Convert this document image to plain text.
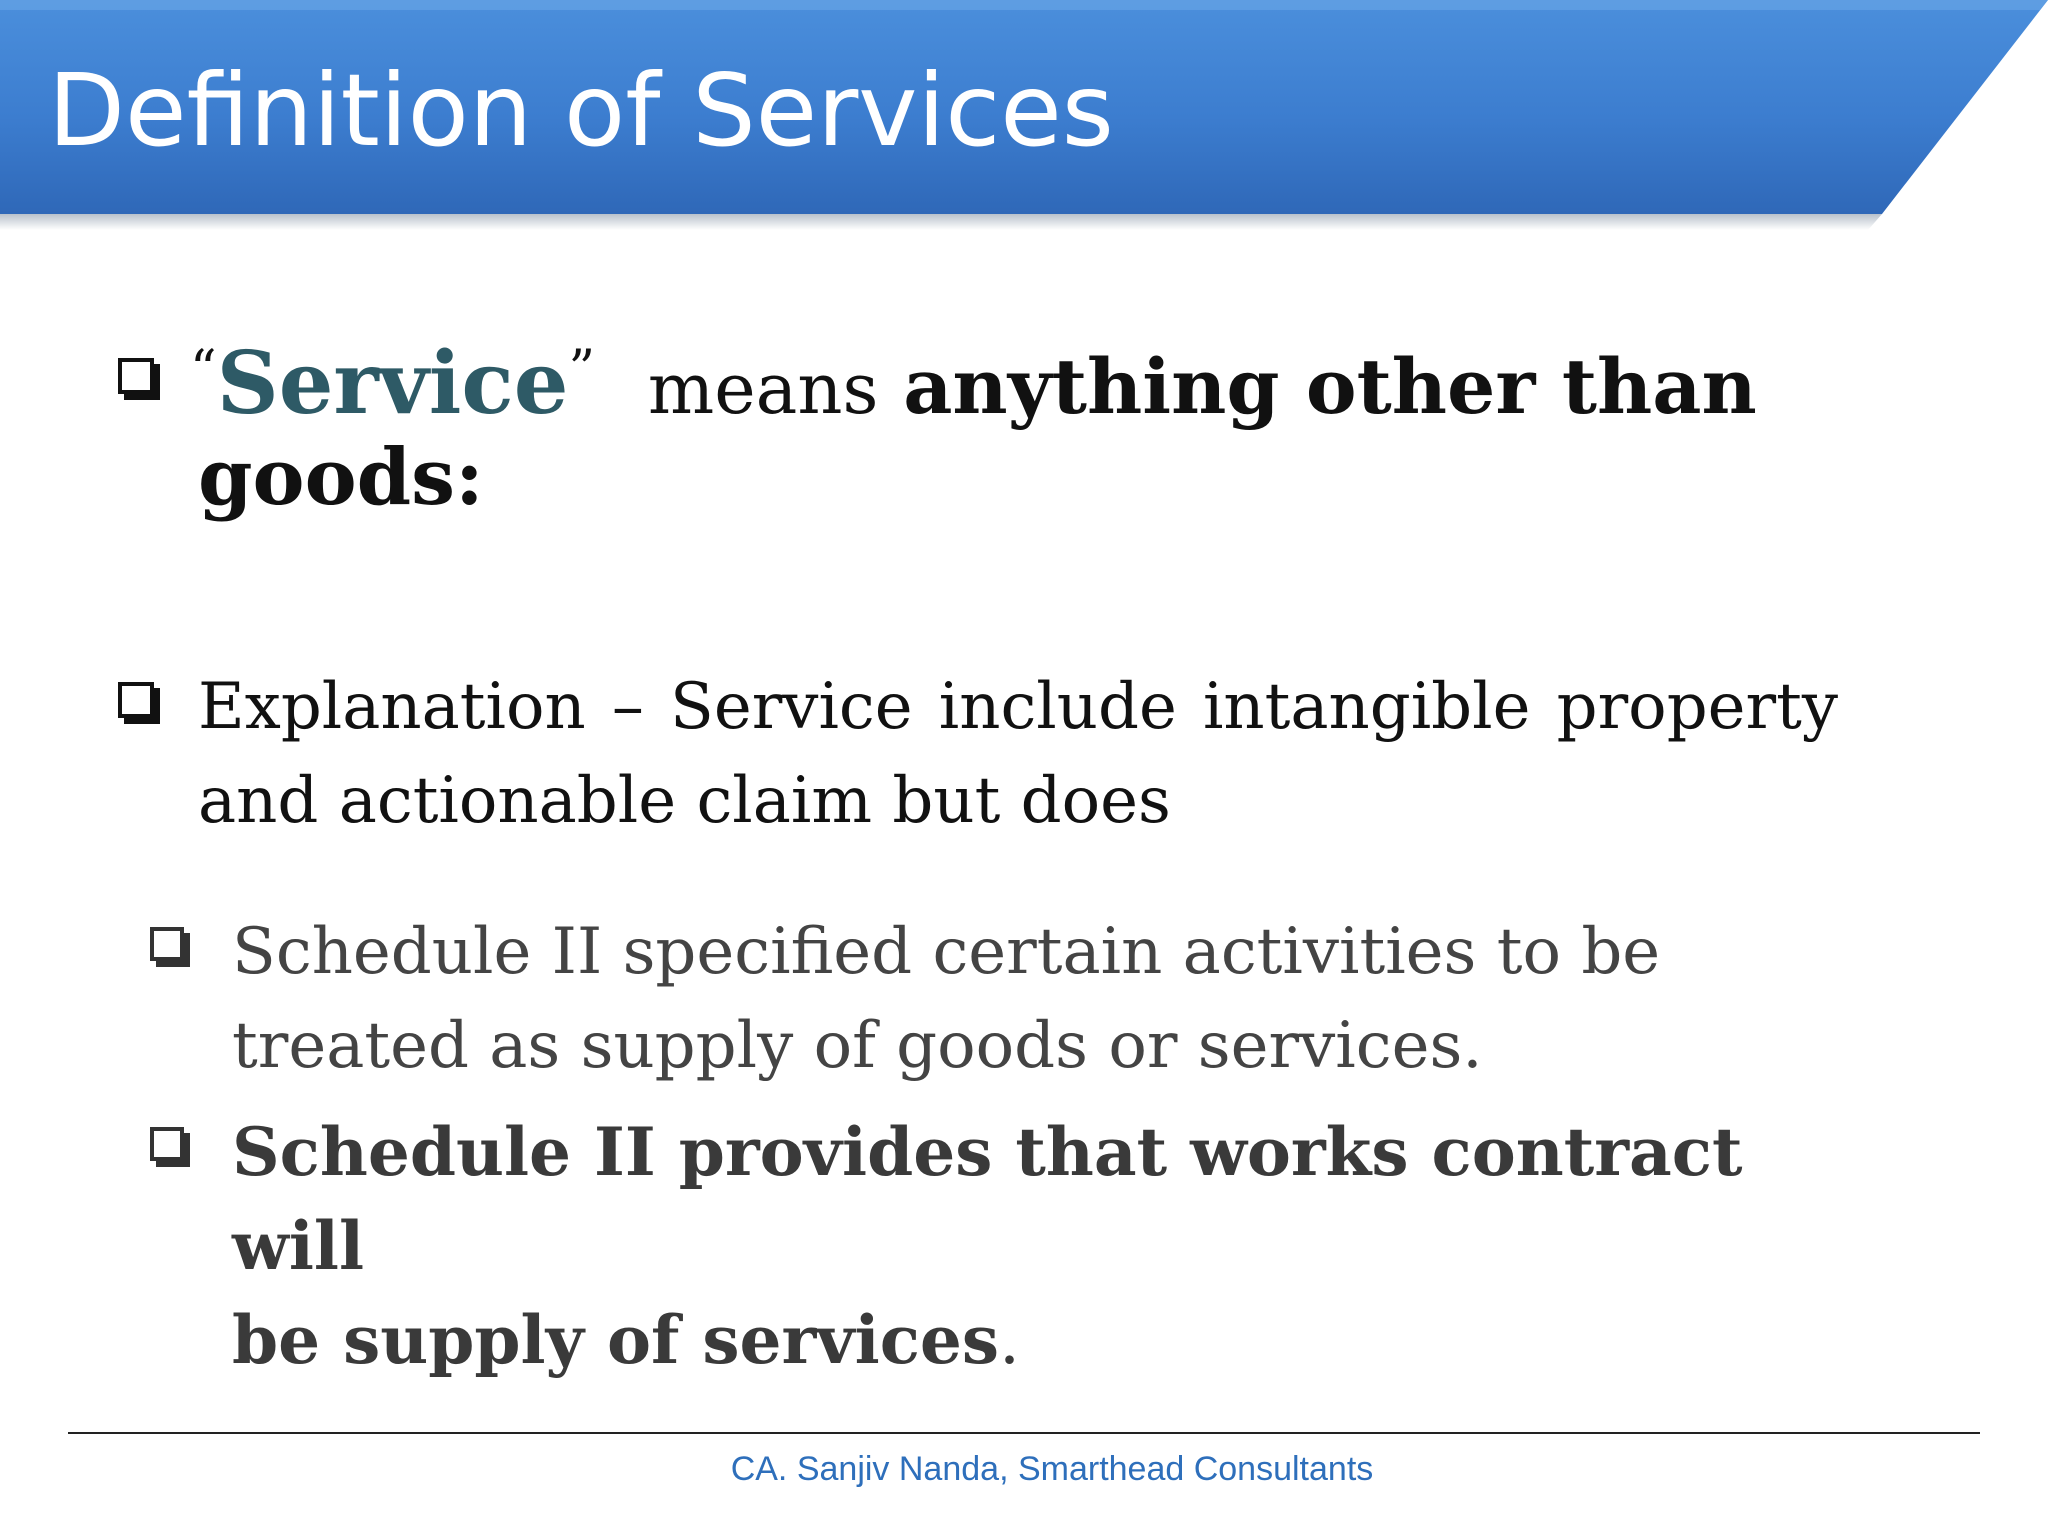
Definition of Services
“Service” means anything other than
goods:
Explanation – Service include intangible property
and actionable claim but does
Schedule II specified certain activities to be treated as supply of goods or services.
Schedule II provides that works contract will
be supply of services.
CA. Sanjiv Nanda, Smarthead Consultants
